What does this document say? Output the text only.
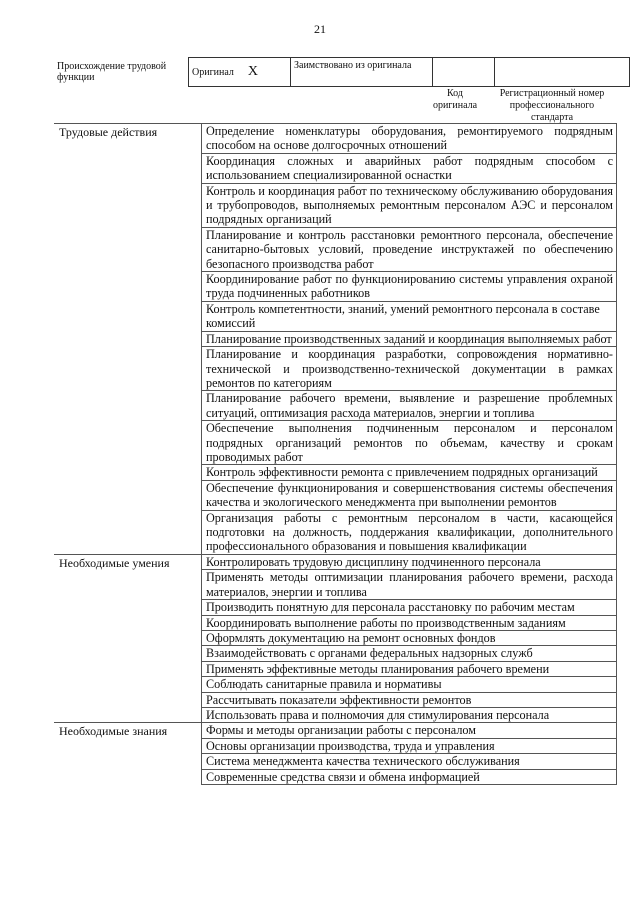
21
Происхождение трудовой функции	Оригинал X	Заимствовано из оригинала		
Код оригинала
Регистрационный номер профессионального стандарта
Трудовые действия	Определение номенклатуры оборудования, ремонтируемого подрядным способом на основе долгосрочных отношений
	Координация сложных и аварийных работ подрядным способом с использованием специализированной оснастки
	Контроль и координация работ по техническому обслуживанию оборудования и трубопроводов, выполняемых ремонтным персоналом АЭС и персоналом подрядных организаций
	Планирование и контроль расстановки ремонтного персонала, обеспечение санитарно-бытовых условий, проведение инструктажей по обеспечению безопасного производства работ
	Координирование работ по функционированию системы управления охраной труда подчиненных работников
	Контроль компетентности, знаний, умений ремонтного персонала в составе комиссий
	Планирование производственных заданий и координация выполняемых работ
	Планирование и координация разработки, сопровождения нормативно-технической и производственно-технической документации в рамках ремонтов по категориям
	Планирование рабочего времени, выявление и разрешение проблемных ситуаций, оптимизация расхода материалов, энергии и топлива
	Обеспечение выполнения подчиненным персоналом и персоналом подрядных организаций ремонтов по объемам, качеству и срокам проводимых работ
	Контроль эффективности ремонта с привлечением подрядных организаций
	Обеспечение функционирования и совершенствования системы обеспечения качества и экологического менеджмента при выполнении ремонтов
	Организация работы с ремонтным персоналом в части, касающейся подготовки на должность, поддержания квалификации, дополнительного профессионального образования и повышения квалификации
Необходимые умения	Контролировать трудовую дисциплину подчиненного персонала
	Применять методы оптимизации планирования рабочего времени, расхода материалов, энергии и топлива
	Производить понятную для персонала расстановку по рабочим местам
	Координировать выполнение работы по производственным заданиям
	Оформлять документацию на ремонт основных фондов
	Взаимодействовать с органами федеральных надзорных служб
	Применять эффективные методы планирования рабочего времени
	Соблюдать санитарные правила и нормативы
	Рассчитывать показатели эффективности ремонтов
	Использовать права и полномочия для стимулирования персонала
Необходимые знания	Формы и методы организации работы с персоналом
	Основы организации производства, труда и управления
	Система менеджмента качества технического обслуживания
	Современные средства связи и обмена информацией
